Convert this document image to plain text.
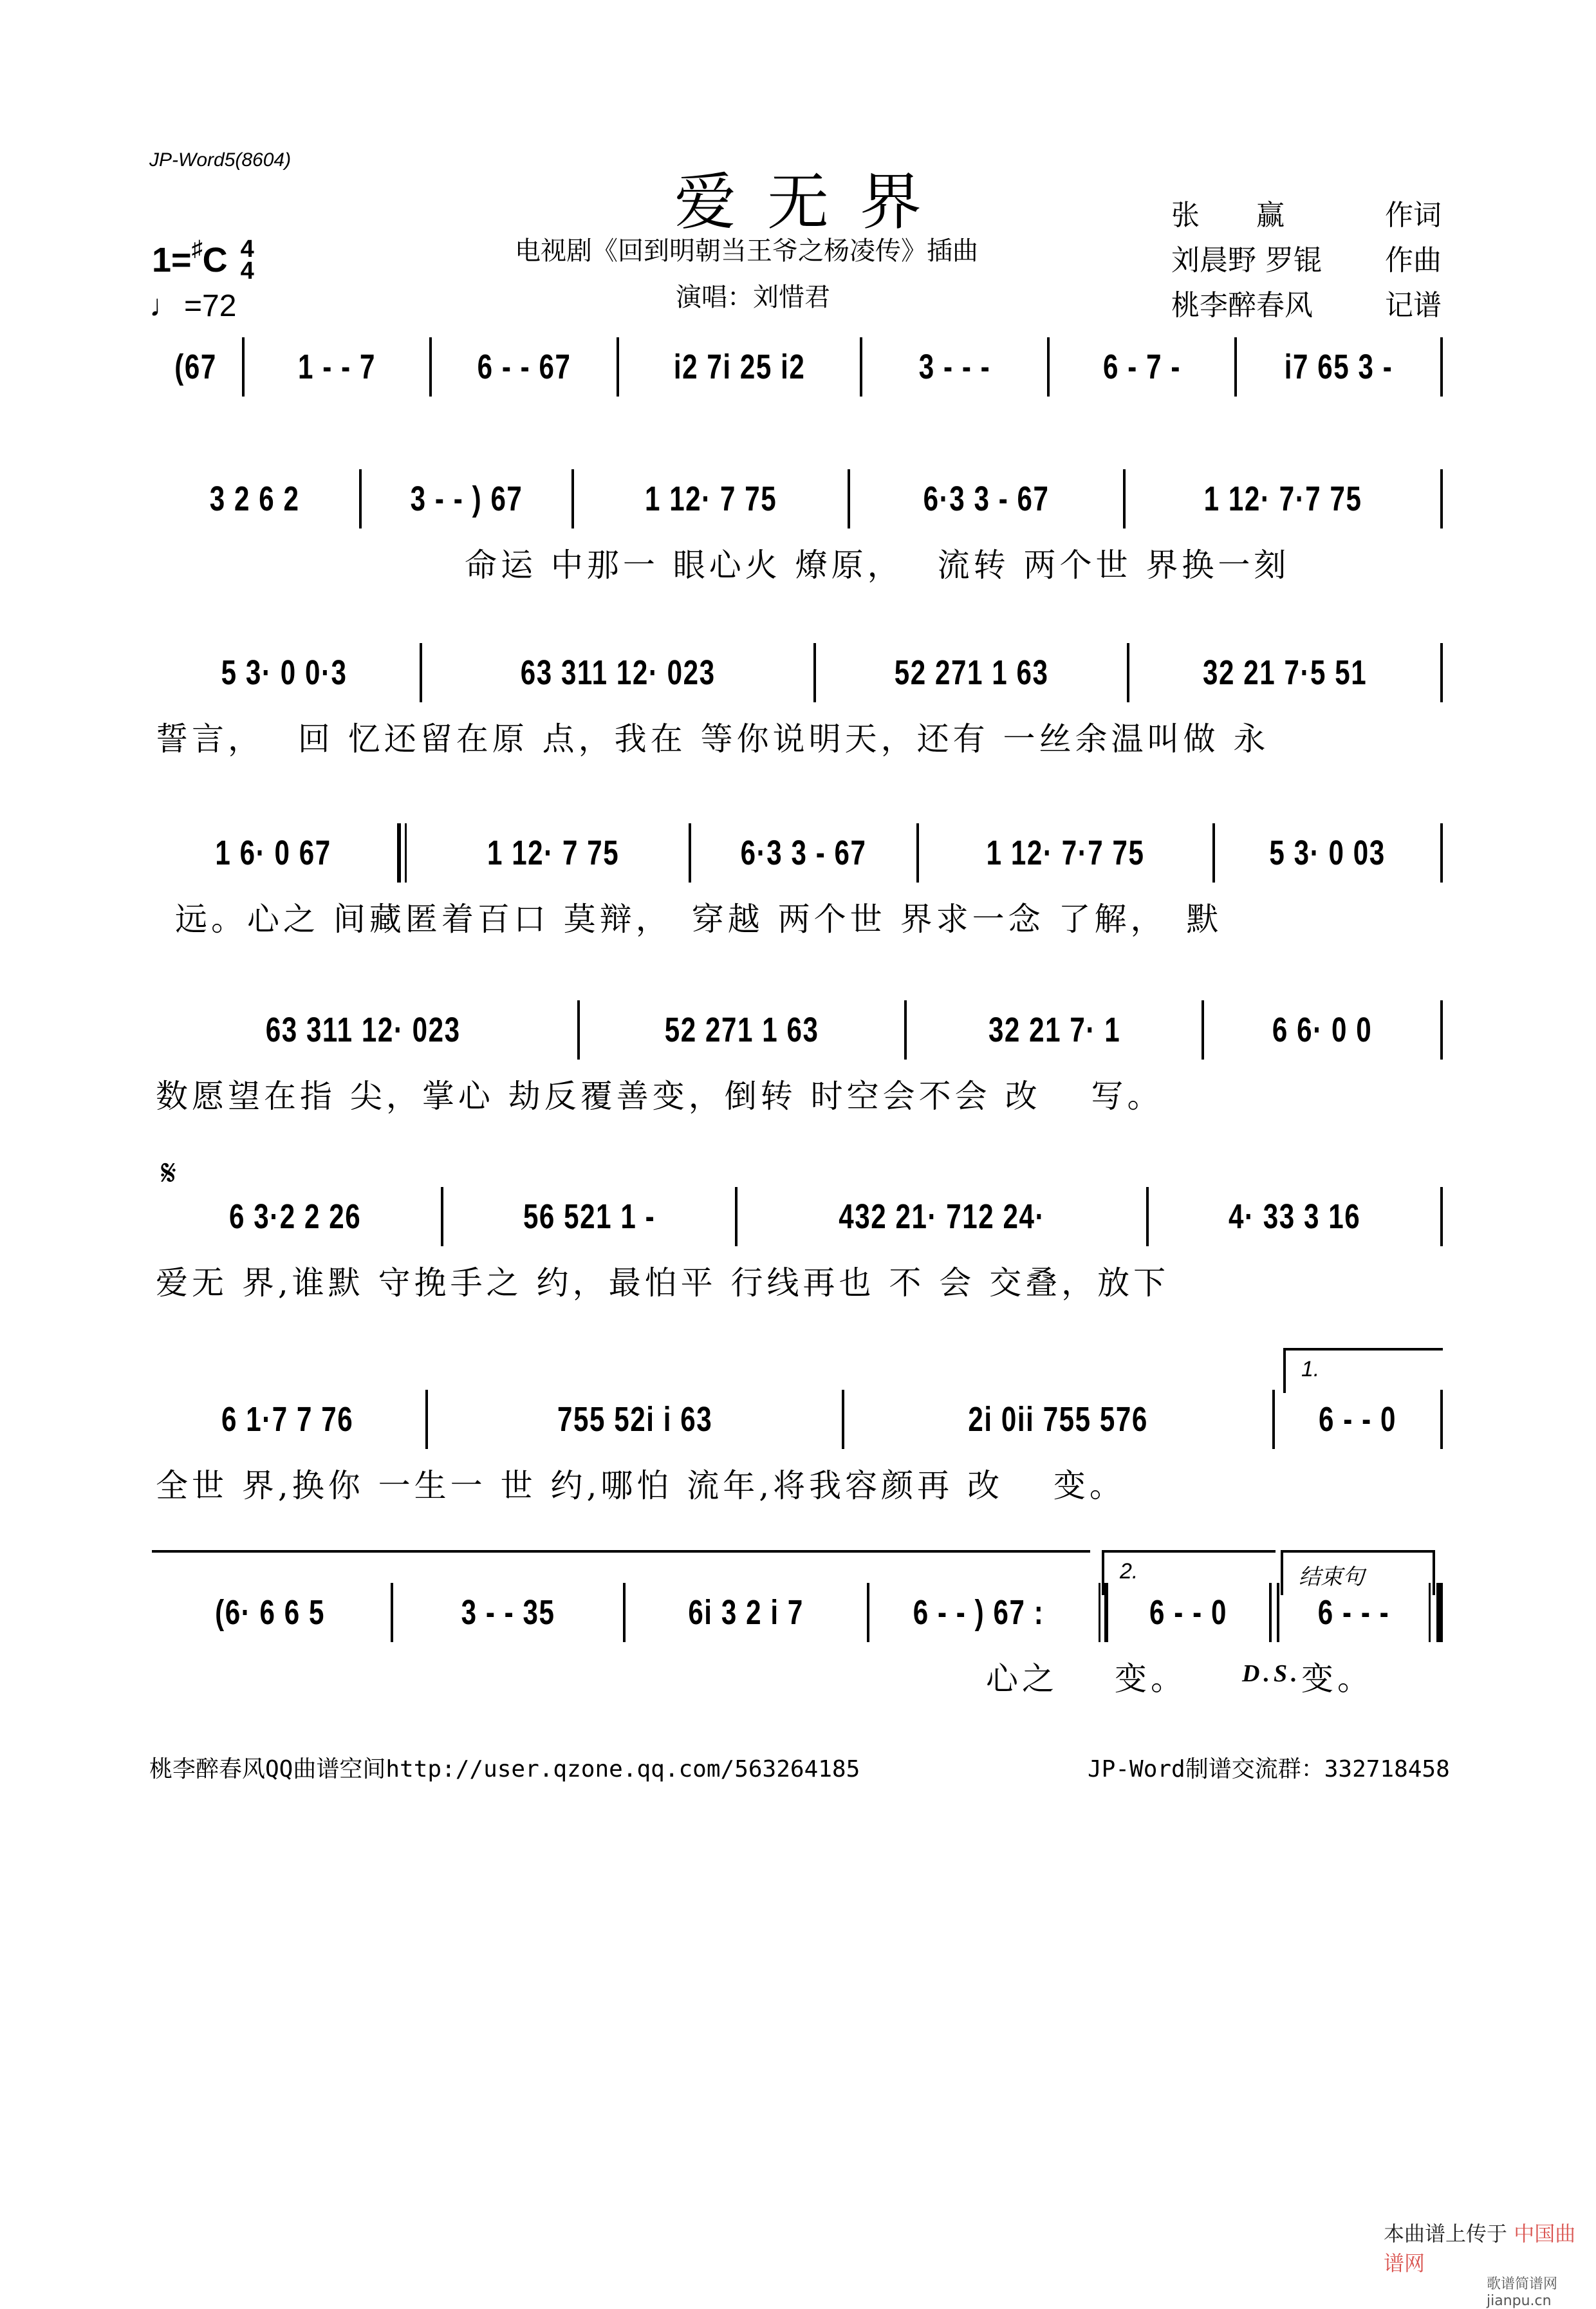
JP-Word5(8604)
爱无界
电视剧《回到明朝当王爷之杨凌传》插曲
演唱：刘惜君
张　　赢	作词
刘晨野 罗锟 作曲
桃李醉春风	记谱
1= ♯ C 4
4
♩ =72
(67 1 - - 7	6 - - 67	i2 7i 25 i2	3 - - -	6 - 7 -	i7 65 3 -
3 2 6 2	3 - - ) 67	1 12· 7 75	6·3 3 - 67	1 12· 7·7 75
命运 中那一 眼心火 燎原，　 流转 两个世 界换一刻
5 3· 0 0·3	63 311 12· 023	52 271 1 63	32 21 7·5 51
誓言，　 回 忆还留在原 点，我在 等你说明天，还有 一丝余温叫做 永
1 6· 0 67	1 12· 7 75	6·3 3 - 67	1 12· 7·7 75	5 3· 0 03
远。心之 间藏匿着百口 莫辩，　穿越 两个世 界求一念 了解，　默
63 311 12· 023	52 271 1 63	32 21 7· 1	6 6· 0 0
数愿望在指 尖，掌心 劫反覆善变，倒转 时空会不会 改　 写。
𝄋
6 3·2 2 26	56 521 1 -	432 21· 712 24·	4· 33 3 16
爱无 界,谁默 守挽手之 约，最怕平 行线再也 不 会 交叠，放下
1.
6 1·7 7 76	755 52i i 63	2i 0ii 755 576	6 - - 0
全世 界,换你 一生一 世 约,哪怕 流年,将我容颜再 改　 变。
2.	结束句
(6· 6 6 5	3 - - 35	6i 3 2 i 7	6 - - ) 67 :	6 - - 0	6 - - -

心之

变。

D.S.

变。

桃李醉春风QQ曲谱空间http://user.qzone.qq.com/563264185	JP-Word制谱交流群：332718458
本曲谱上传于 中国曲谱网
歌谱简谱网 jianpu.cn
